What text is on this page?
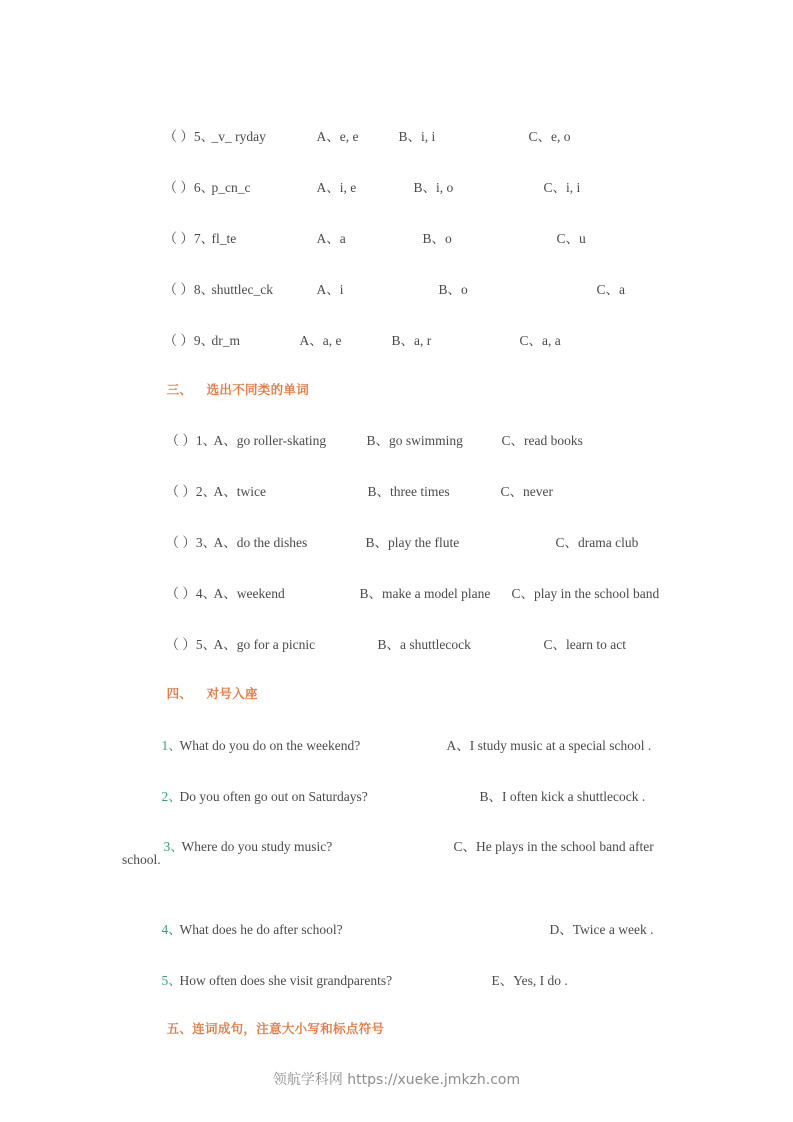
（ ）5、_v_ ryday	A、e, e	B、i, i	C、e, o

（ ）6、p_cn_c	A、i, e	B、i, o	C、i, i

（ ）7、fl_te	A、a	B、o	C、u

（ ）8、shuttlec_ck	A、i	B、o	C、a

（ ）9、dr_m	A、a, e	B、a, r	C、a, a

三、 选出不同类的单词

（ ）1、A、go roller-skating	B、go swimming	C、read books

（ ）2、A、twice	B、three times	C、never

（ ）3、A、do the dishes	B、play the flute	C、drama club

（ ）4、A、weekend	B、make a model plane C、play in the school band

（ ）5、A、go for a picnic	B、a shuttlecock	C、learn to act

四、 对号入座

1、What do you do on the weekend?	A、I study music at a special school .

2、Do you often go out on Saturdays?	B、I often kick a shuttlecock .

3、Where do you study music?	C、He plays in the school band after

school.

4、What does he do after school?	D、Twice a week .

5、How often does she visit grandparents?	E、Yes, I do .

五、连词成句，注意大小写和标点符号

领航学科网 https://xueke.jmkzh.com
